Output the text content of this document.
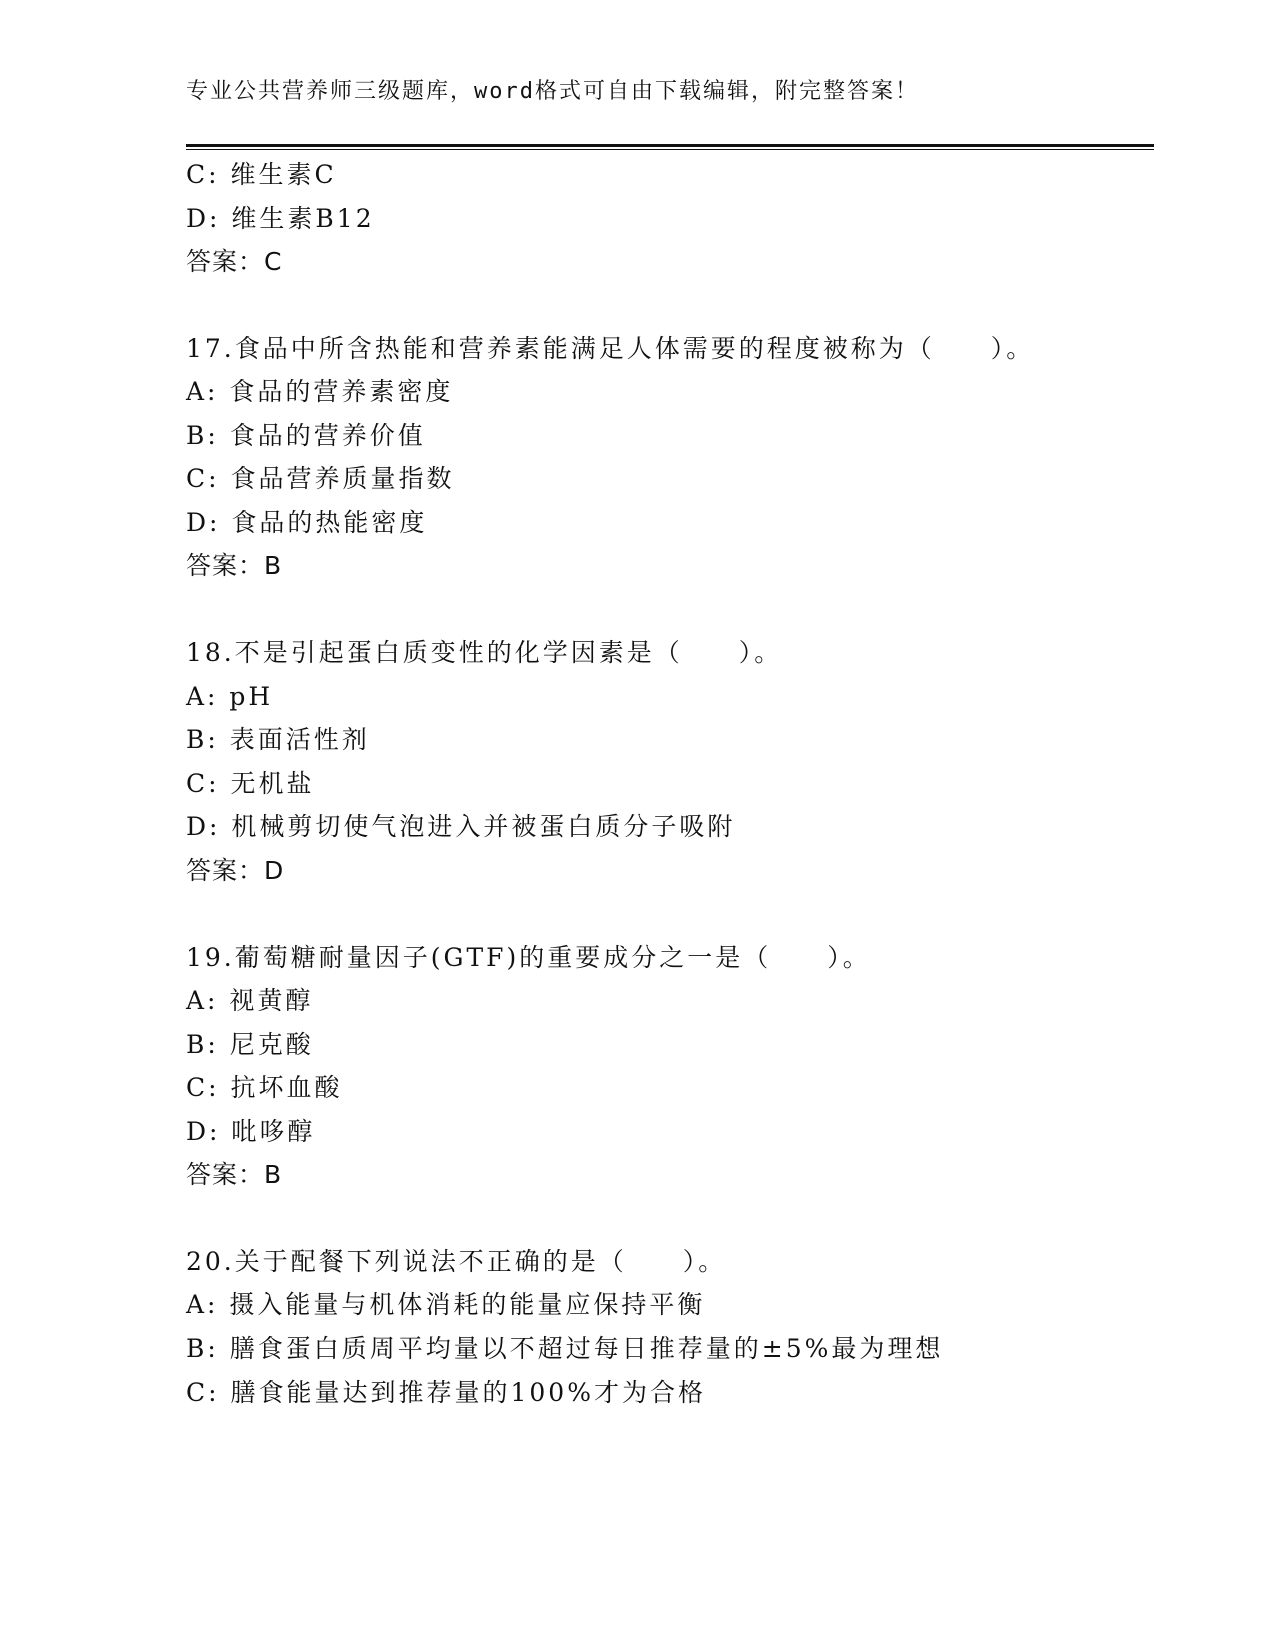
专业公共营养师三级题库，word格式可自由下载编辑，附完整答案！
C: 维生素C
D: 维生素B12
答案：C
17.食品中所含热能和营养素能满足人体需要的程度被称为（　　）。
A: 食品的营养素密度
B: 食品的营养价值
C: 食品营养质量指数
D: 食品的热能密度
答案：B
18.不是引起蛋白质变性的化学因素是（　　）。
A: pH
B: 表面活性剂
C: 无机盐
D: 机械剪切使气泡进入并被蛋白质分子吸附
答案：D
19.葡萄糖耐量因子(GTF)的重要成分之一是（　　）。
A: 视黄醇
B: 尼克酸
C: 抗坏血酸
D: 吡哆醇
答案：B
20.关于配餐下列说法不正确的是（　　）。
A: 摄入能量与机体消耗的能量应保持平衡
B: 膳食蛋白质周平均量以不超过每日推荐量的±5%最为理想
C: 膳食能量达到推荐量的100%才为合格
